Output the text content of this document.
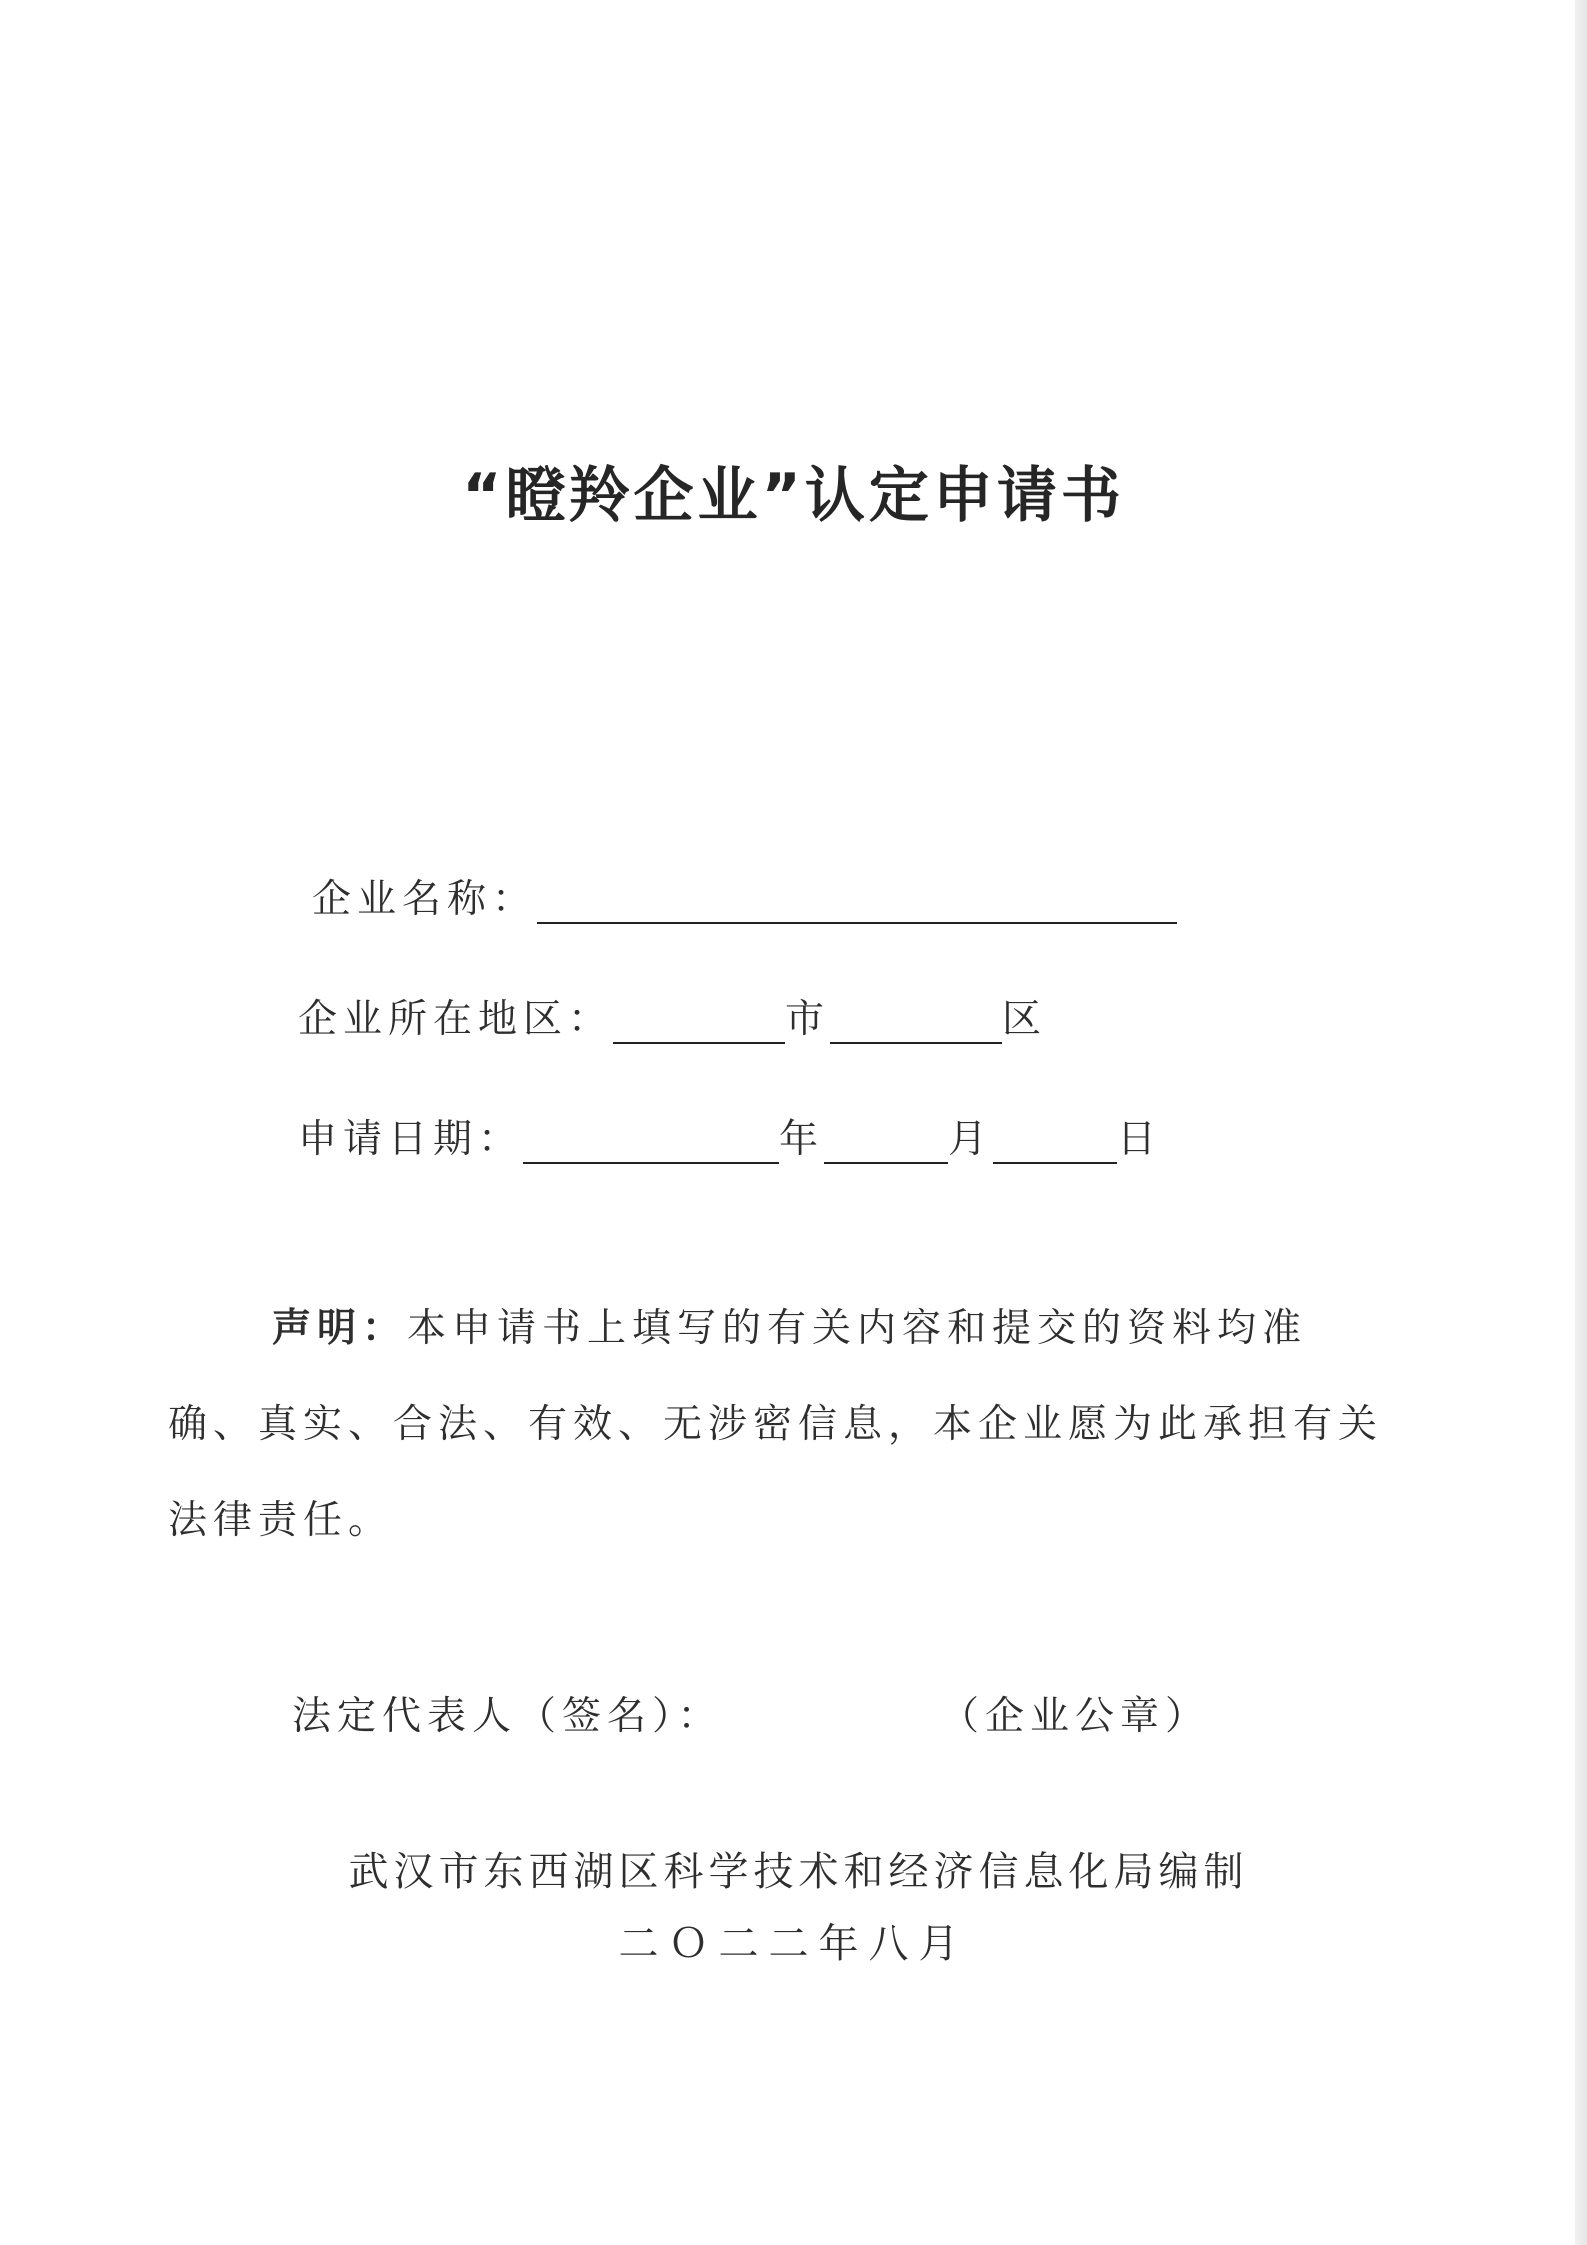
“瞪羚企业”认定申请书
企业名称：
企业所在地区：	市	区
申请日期：	年	月	日
声明：本申请书上填写的有关内容和提交的资料均准确、真实、合法、有效、无涉密信息，本企业愿为此承担有关法律责任。
法定代表人（签名）：	（企业公章）
武汉市东西湖区科学技术和经济信息化局编制
二Ｏ二二年八月
